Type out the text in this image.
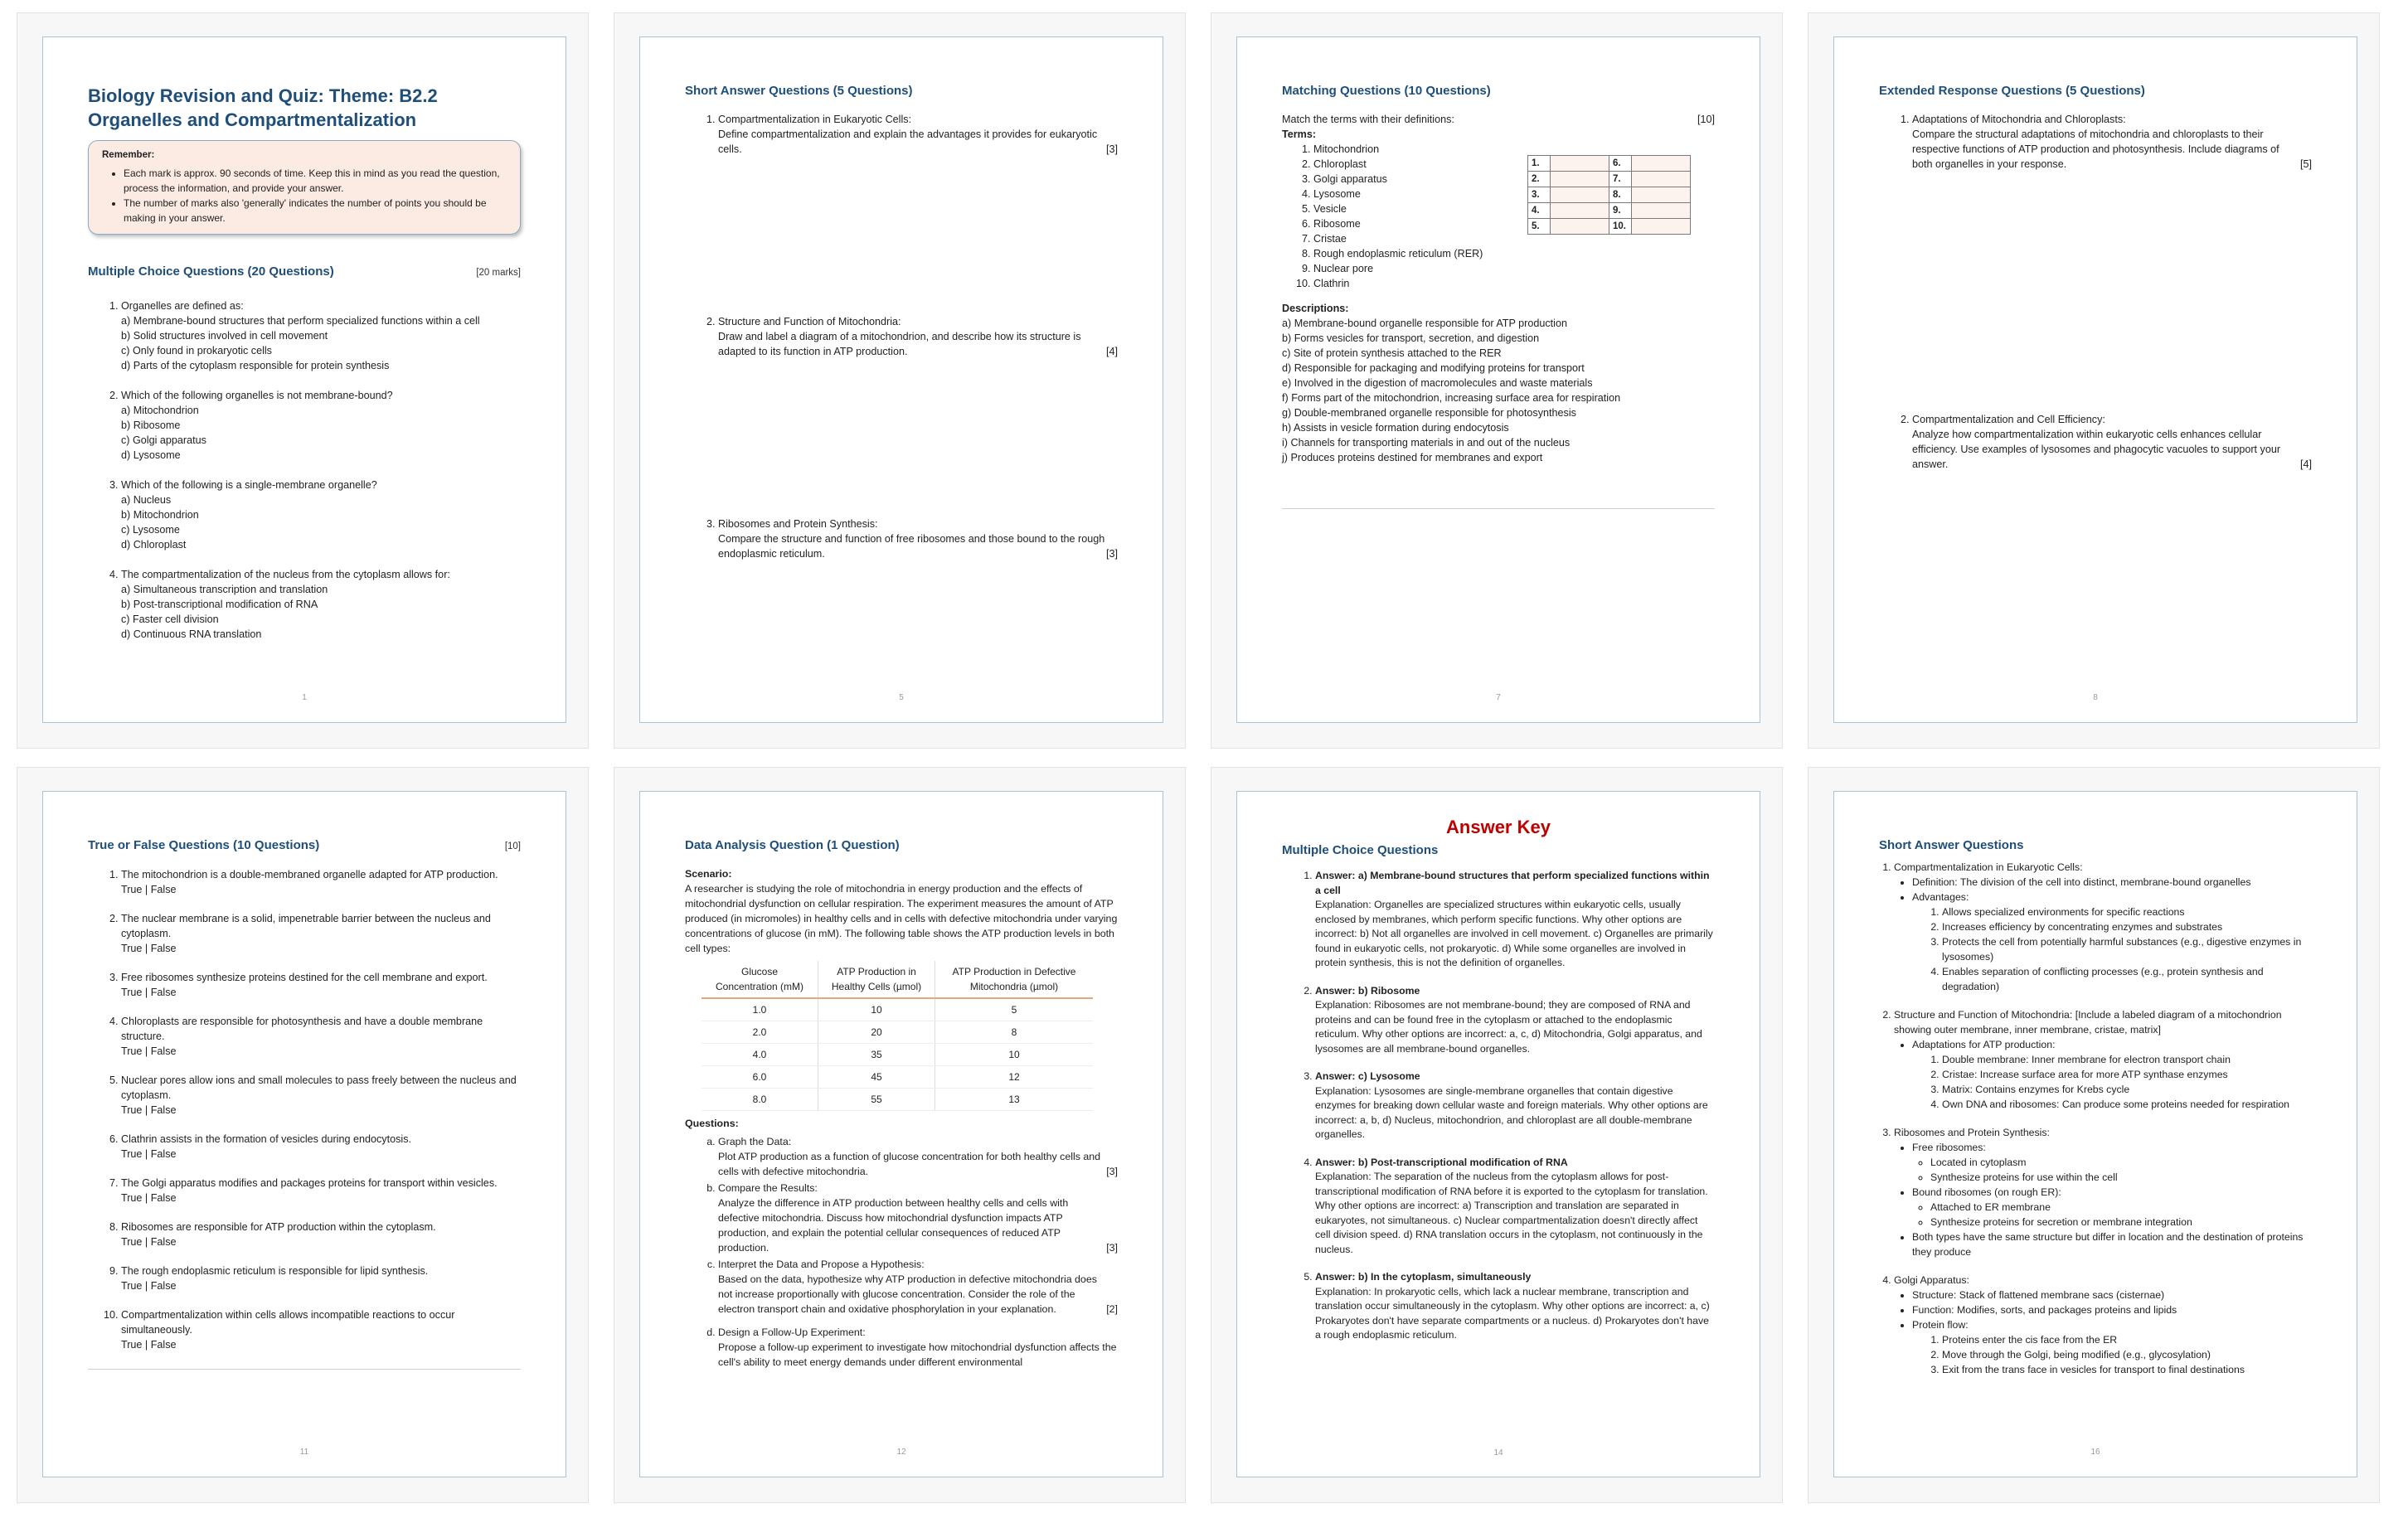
Biology Revision and Quiz: Theme: B2.2 Organelles and Compartmentalization
Remember:
• Each mark is approx. 90 seconds of time. Keep this in mind as you read the question, process the information, and provide your answer.
• The number of marks also 'generally' indicates the number of points you should be making in your answer.
Multiple Choice Questions (20 Questions)	[20 marks]
1. Organelles are defined as:
a) Membrane-bound structures that perform specialized functions within a cell
b) Solid structures involved in cell movement
c) Only found in prokaryotic cells
d) Parts of the cytoplasm responsible for protein synthesis
2. Which of the following organelles is not membrane-bound?
a) Mitochondrion
b) Ribosome
c) Golgi apparatus
d) Lysosome
3. Which of the following is a single-membrane organelle?
a) Nucleus
b) Mitochondrion
c) Lysosome
d) Chloroplast
4. The compartmentalization of the nucleus from the cytoplasm allows for:
a) Simultaneous transcription and translation
b) Post-transcriptional modification of RNA
c) Faster cell division
d) Continuous RNA translation
1
Short Answer Questions (5 Questions)
1. Compartmentalization in Eukaryotic Cells:
Define compartmentalization and explain the advantages it provides for eukaryotic cells.	[3]
2. Structure and Function of Mitochondria:
Draw and label a diagram of a mitochondrion, and describe how its structure is adapted to its function in ATP production.	[4]
3. Ribosomes and Protein Synthesis:
Compare the structure and function of free ribosomes and those bound to the rough endoplasmic reticulum.	[3]
5
Matching Questions (10 Questions)
Match the terms with their definitions:	[10]
Terms:
1. Mitochondrion
2. Chloroplast
3. Golgi apparatus
4. Lysosome
5. Vesicle
6. Ribosome
7. Cristae
8. Rough endoplasmic reticulum (RER)
9. Nuclear pore
10. Clathrin
1.		6.	
2.		7.	
3.		8.	
4.		9.	
5.		10.	
Descriptions:
a) Membrane-bound organelle responsible for ATP production
b) Forms vesicles for transport, secretion, and digestion
c) Site of protein synthesis attached to the RER
d) Responsible for packaging and modifying proteins for transport
e) Involved in the digestion of macromolecules and waste materials
f) Forms part of the mitochondrion, increasing surface area for respiration
g) Double-membraned organelle responsible for photosynthesis
h) Assists in vesicle formation during endocytosis
i) Channels for transporting materials in and out of the nucleus
j) Produces proteins destined for membranes and export
7
Extended Response Questions (5 Questions)
1. Adaptations of Mitochondria and Chloroplasts:
Compare the structural adaptations of mitochondria and chloroplasts to their respective functions of ATP production and photosynthesis. Include diagrams of both organelles in your response.	[5]
2. Compartmentalization and Cell Efficiency:
Analyze how compartmentalization within eukaryotic cells enhances cellular efficiency. Use examples of lysosomes and phagocytic vacuoles to support your answer.	[4]
8
True or False Questions (10 Questions)	[10]
1. The mitochondrion is a double-membraned organelle adapted for ATP production.
True | False
2. The nuclear membrane is a solid, impenetrable barrier between the nucleus and cytoplasm.
True | False
3. Free ribosomes synthesize proteins destined for the cell membrane and export.
True | False
4. Chloroplasts are responsible for photosynthesis and have a double membrane structure.
True | False
5. Nuclear pores allow ions and small molecules to pass freely between the nucleus and cytoplasm.
True | False
6. Clathrin assists in the formation of vesicles during endocytosis.
True | False
7. The Golgi apparatus modifies and packages proteins for transport within vesicles.
True | False
8. Ribosomes are responsible for ATP production within the cytoplasm.
True | False
9. The rough endoplasmic reticulum is responsible for lipid synthesis.
True | False
10. Compartmentalization within cells allows incompatible reactions to occur simultaneously.
True | False
11
Data Analysis Question (1 Question)
Scenario:
A researcher is studying the role of mitochondria in energy production and the effects of mitochondrial dysfunction on cellular respiration. The experiment measures the amount of ATP produced (in micromoles) in healthy cells and in cells with defective mitochondria under varying concentrations of glucose (in mM). The following table shows the ATP production levels in both cell types:
Glucose Concentration (mM)	ATP Production in Healthy Cells (µmol)	ATP Production in Defective Mitochondria (µmol)
1.0	10	5
2.0	20	8
4.0	35	10
6.0	45	12
8.0	55	13
Questions:
a. Graph the Data:
Plot ATP production as a function of glucose concentration for both healthy cells and cells with defective mitochondria.	[3]
b. Compare the Results:
Analyze the difference in ATP production between healthy cells and cells with defective mitochondria. Discuss how mitochondrial dysfunction impacts ATP production, and explain the potential cellular consequences of reduced ATP production.	[3]
c. Interpret the Data and Propose a Hypothesis:
Based on the data, hypothesize why ATP production in defective mitochondria does not increase proportionally with glucose concentration. Consider the role of the electron transport chain and oxidative phosphorylation in your explanation.	[2]
d. Design a Follow-Up Experiment:
Propose a follow-up experiment to investigate how mitochondrial dysfunction affects the cell's ability to meet energy demands under different environmental
12
Answer Key
Multiple Choice Questions
1. Answer: a) Membrane-bound structures that perform specialized functions within a cell
Explanation: Organelles are specialized structures within eukaryotic cells, usually enclosed by membranes, which perform specific functions. Why other options are incorrect: b) Not all organelles are involved in cell movement. c) Organelles are primarily found in eukaryotic cells, not prokaryotic. d) While some organelles are involved in protein synthesis, this is not the definition of organelles.
2. Answer: b) Ribosome
Explanation: Ribosomes are not membrane-bound; they are composed of RNA and proteins and can be found free in the cytoplasm or attached to the endoplasmic reticulum. Why other options are incorrect: a, c, d) Mitochondria, Golgi apparatus, and lysosomes are all membrane-bound organelles.
3. Answer: c) Lysosome
Explanation: Lysosomes are single-membrane organelles that contain digestive enzymes for breaking down cellular waste and foreign materials. Why other options are incorrect: a, b, d) Nucleus, mitochondrion, and chloroplast are all double-membrane organelles.
4. Answer: b) Post-transcriptional modification of RNA
Explanation: The separation of the nucleus from the cytoplasm allows for post-transcriptional modification of RNA before it is exported to the cytoplasm for translation. Why other options are incorrect: a) Transcription and translation are separated in eukaryotes, not simultaneous. c) Nuclear compartmentalization doesn't directly affect cell division speed. d) RNA translation occurs in the cytoplasm, not continuously in the nucleus.
5. Answer: b) In the cytoplasm, simultaneously
Explanation: In prokaryotic cells, which lack a nuclear membrane, transcription and translation occur simultaneously in the cytoplasm. Why other options are incorrect: a, c) Prokaryotes don't have separate compartments or a nucleus. d) Prokaryotes don't have a rough endoplasmic reticulum.
14
Short Answer Questions
1. Compartmentalization in Eukaryotic Cells:
• Definition: The division of the cell into distinct, membrane-bound organelles
• Advantages:
1. Allows specialized environments for specific reactions
2. Increases efficiency by concentrating enzymes and substrates
3. Protects the cell from potentially harmful substances (e.g., digestive enzymes in lysosomes)
4. Enables separation of conflicting processes (e.g., protein synthesis and degradation)
2. Structure and Function of Mitochondria: [Include a labeled diagram of a mitochondrion showing outer membrane, inner membrane, cristae, matrix]
• Adaptations for ATP production:
1. Double membrane: Inner membrane for electron transport chain
2. Cristae: Increase surface area for more ATP synthase enzymes
3. Matrix: Contains enzymes for Krebs cycle
4. Own DNA and ribosomes: Can produce some proteins needed for respiration
3. Ribosomes and Protein Synthesis:
• Free ribosomes:
◦ Located in cytoplasm
◦ Synthesize proteins for use within the cell
• Bound ribosomes (on rough ER):
◦ Attached to ER membrane
◦ Synthesize proteins for secretion or membrane integration
• Both types have the same structure but differ in location and the destination of proteins they produce
4. Golgi Apparatus:
• Structure: Stack of flattened membrane sacs (cisternae)
• Function: Modifies, sorts, and packages proteins and lipids
• Protein flow:
1. Proteins enter the cis face from the ER
2. Move through the Golgi, being modified (e.g., glycosylation)
3. Exit from the trans face in vesicles for transport to final destinations
16
